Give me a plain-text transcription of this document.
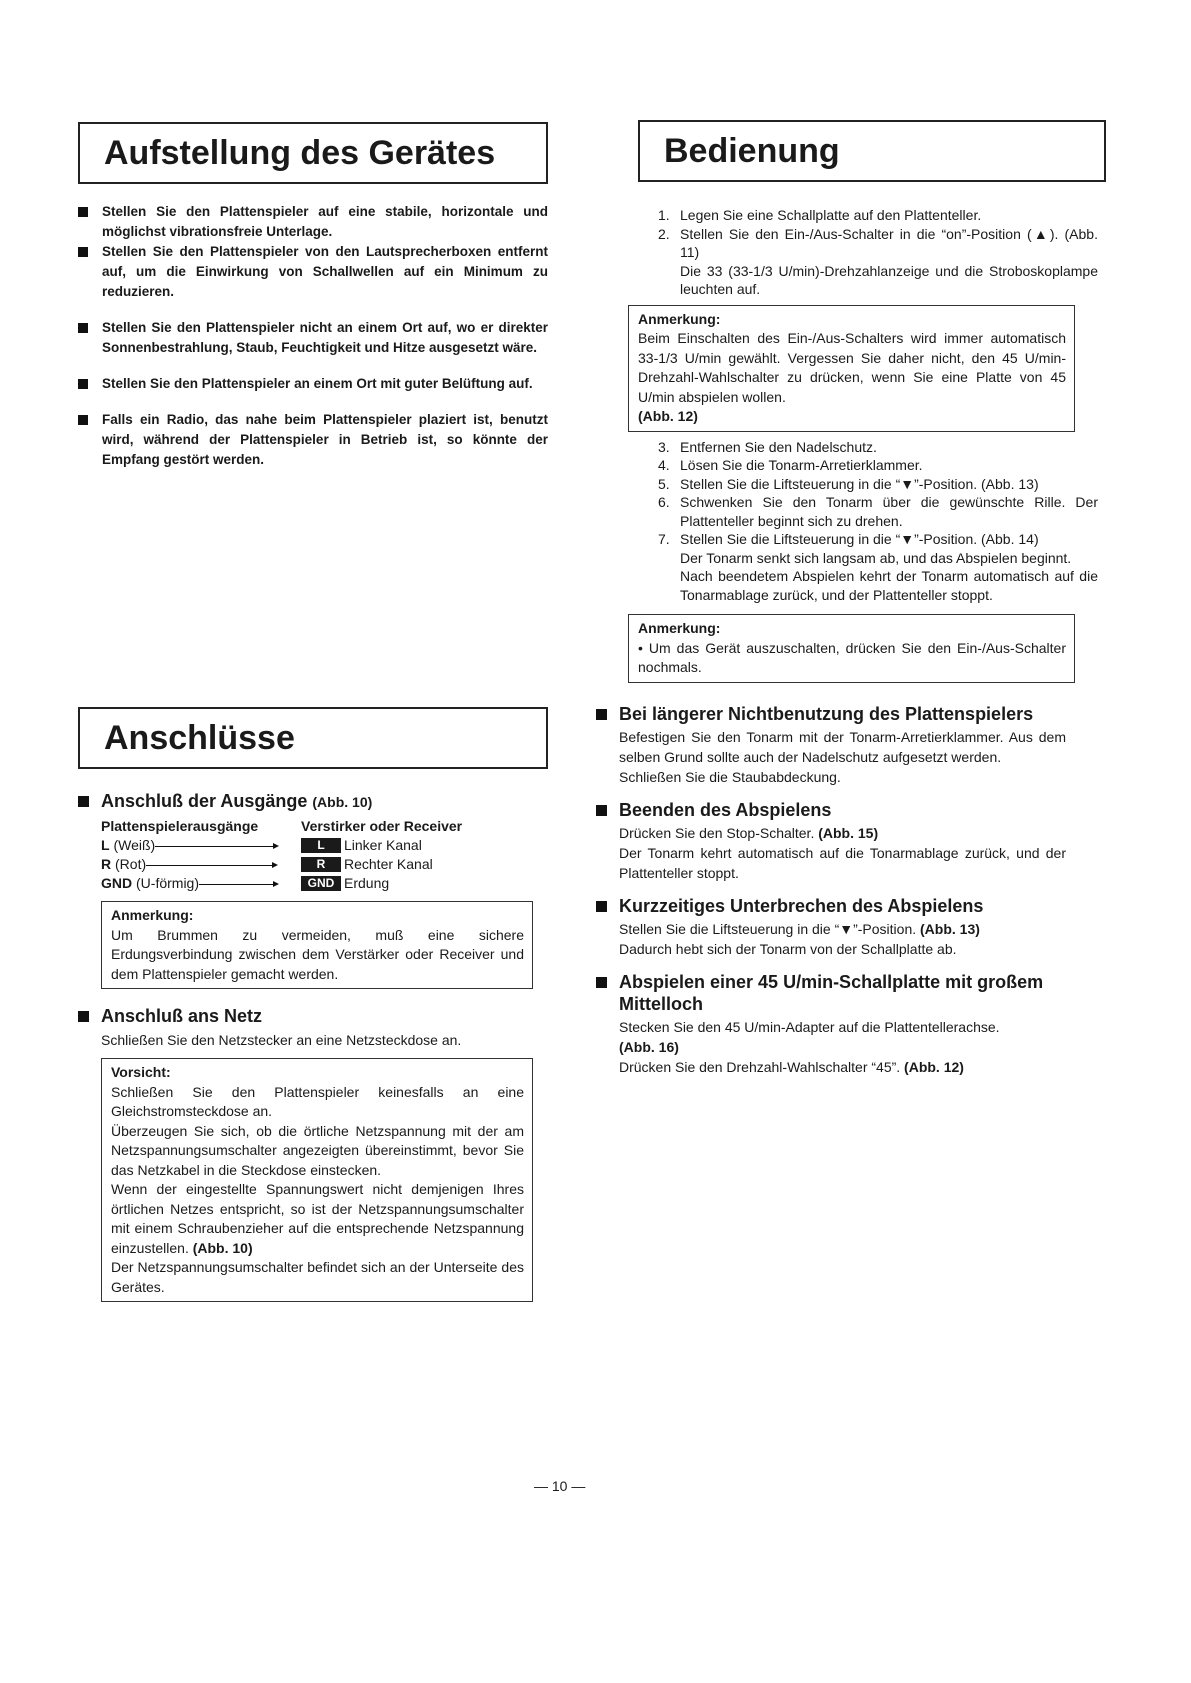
Aufstellung des Gerätes
Stellen Sie den Plattenspieler auf eine stabile, horizontale und möglichst vibrationsfreie Unterlage.
Stellen Sie den Plattenspieler von den Lautsprecherboxen entfernt auf, um die Einwirkung von Schallwellen auf ein Minimum zu reduzieren.
Stellen Sie den Plattenspieler nicht an einem Ort auf, wo er direkter Sonnenbestrahlung, Staub, Feuchtigkeit und Hitze ausgesetzt wäre.
Stellen Sie den Plattenspieler an einem Ort mit guter Belüftung auf.
Falls ein Radio, das nahe beim Plattenspieler plaziert ist, benutzt wird, während der Plattenspieler in Betrieb ist, so könnte der Empfang gestört werden.
Anschlüsse
Anschluß der Ausgänge (Abb. 10)
Plattenspielerausgänge	Verstirker oder Receiver
L (Weiß)	L	Linker Kanal
R (Rot)	R	Rechter Kanal
GND (U-förmig)	GND Erdung
Anmerkung:
Um Brummen zu vermeiden, muß eine sichere Erdungsverbindung zwischen dem Verstärker oder Receiver und dem Plattenspieler gemacht werden.
Anschluß ans Netz
Schließen Sie den Netzstecker an eine Netzsteckdose an.
Vorsicht:
Schließen Sie den Plattenspieler keinesfalls an eine Gleichstromsteckdose an.
Überzeugen Sie sich, ob die örtliche Netzspannung mit der am Netzspannungsumschalter angezeigten übereinstimmt, bevor Sie das Netzkabel in die Steckdose einstecken.
Wenn der eingestellte Spannungswert nicht demjenigen Ihres örtlichen Netzes entspricht, so ist der Netzspannungsumschalter mit einem Schraubenzieher auf die entsprechende Netzspannung einzustellen. (Abb. 10)
Der Netzspannungsumschalter befindet sich an der Unterseite des Gerätes.
Bedienung
1. Legen Sie eine Schallplatte auf den Plattenteller.
2. Stellen Sie den Ein-/Aus-Schalter in die “on”-Position (▲). (Abb. 11)
Die 33 (33-1/3 U/min)-Drehzahlanzeige und die Stroboskoplampe leuchten auf.
Anmerkung:
Beim Einschalten des Ein-/Aus-Schalters wird immer automatisch 33-1/3 U/min gewählt. Vergessen Sie daher nicht, den 45 U/min-Drehzahl-Wahlschalter zu drücken, wenn Sie eine Platte von 45 U/min abspielen wollen.
(Abb. 12)
3. Entfernen Sie den Nadelschutz.
4. Lösen Sie die Tonarm-Arretierklammer.
5. Stellen Sie die Liftsteuerung in die “▼”-Position. (Abb. 13)
6. Schwenken Sie den Tonarm über die gewünschte Rille. Der Plattenteller beginnt sich zu drehen.
7. Stellen Sie die Liftsteuerung in die “▼”-Position. (Abb. 14)
Der Tonarm senkt sich langsam ab, und das Abspielen beginnt.
Nach beendetem Abspielen kehrt der Tonarm automatisch auf die Tonarmablage zurück, und der Plattenteller stoppt.
Anmerkung:
• Um das Gerät auszuschalten, drücken Sie den Ein-/Aus-Schalter nochmals.
Bei längerer Nichtbenutzung des Plattenspielers
Befestigen Sie den Tonarm mit der Tonarm-Arretierklammer. Aus dem selben Grund sollte auch der Nadelschutz aufgesetzt werden.
Schließen Sie die Staubabdeckung.
Beenden des Abspielens
Drücken Sie den Stop-Schalter. (Abb. 15)
Der Tonarm kehrt automatisch auf die Tonarmablage zurück, und der Plattenteller stoppt.
Kurzzeitiges Unterbrechen des Abspielens
Stellen Sie die Liftsteuerung in die “▼”-Position. (Abb. 13)
Dadurch hebt sich der Tonarm von der Schallplatte ab.
Abspielen einer 45 U/min-Schallplatte mit großem Mittelloch
Stecken Sie den 45 U/min-Adapter auf die Plattentellerachse.
(Abb. 16)
Drücken Sie den Drehzahl-Wahlschalter “45”. (Abb. 12)
— 10 —
